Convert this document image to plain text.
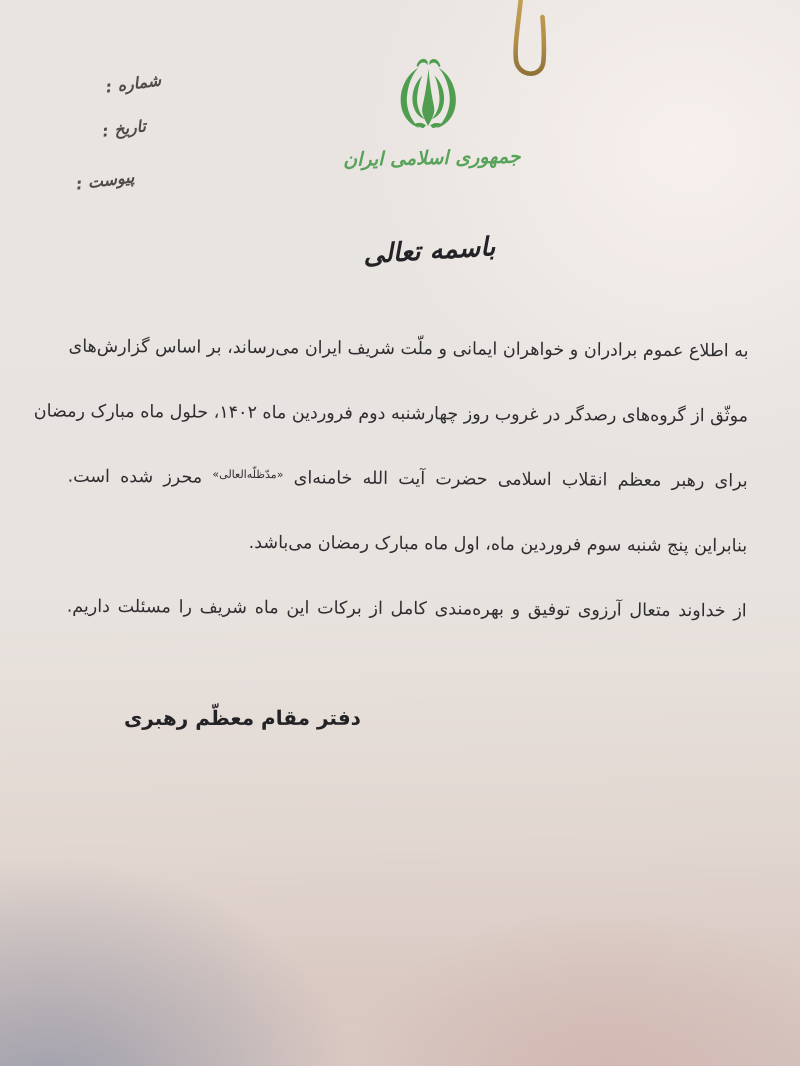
شماره :
تاریخ :
پیوست :
جمهوری اسلامی ایران
باسمه تعالی
به اطلاع عموم برادران و خواهران ایمانی و ملّت شریف ایران می‌رساند، بر اساس گزارش‌های
موثّق از گروه‌های رصدگر در غروب روز چهارشنبه دوم فروردین ماه ۱۴۰۲، حلول ماه مبارک رمضان
برای رهبر معظم انقلاب اسلامی حضرت آیت الله خامنه‌ای $^{«مدّظلّه‌العالی»}$ محرز شده است.
بنابراین پنج شنبه سوم فروردین ماه، اول ماه مبارک رمضان می‌باشد.
از خداوند متعال آرزوی توفیق و بهره‌مندی کامل از برکات این ماه شریف را مسئلت داریم.
دفتر مقام معظّم رهبری
